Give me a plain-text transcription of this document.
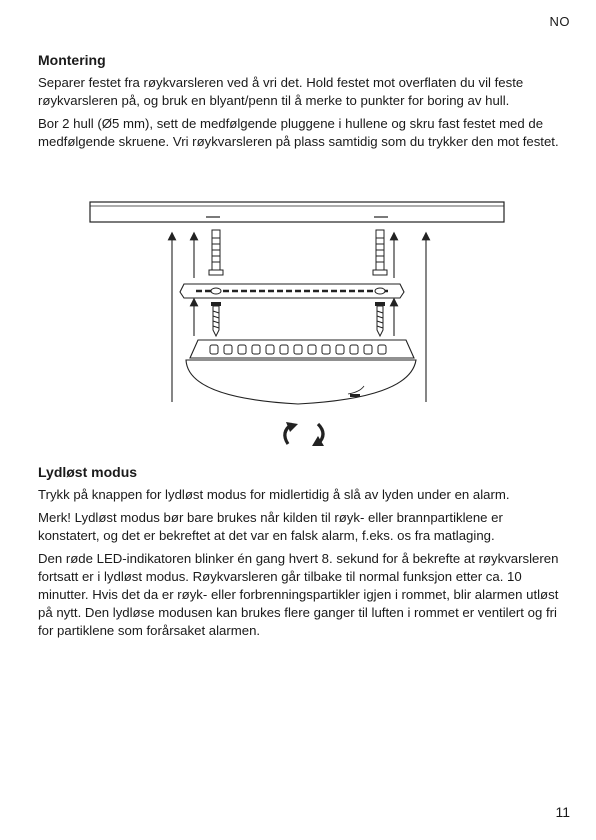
NO
Montering

Separer festet fra røykvarsleren ved å vri det. Hold festet mot overflaten du vil feste røykvarsleren på, og bruk en blyant/penn til å merke to punkter for boring av hull.

Bor 2 hull (Ø5 mm), sett de medfølgende pluggene i hullene og skru fast festet med de medfølgende skruene. Vri røykvarsleren på plass samtidig som du trykker den mot festet.

Lydløst modus

Trykk på knappen for lydløst modus for midlertidig å slå av lyden under en alarm.

Merk! Lydløst modus bør bare brukes når kilden til røyk- eller brannpartiklene er konstatert, og det er bekreftet at det var en falsk alarm, f.eks. os fra matlaging.

Den røde LED-indikatoren blinker én gang hvert 8. sekund for å bekrefte at røykvarsleren fortsatt er i lydløst modus. Røykvarsleren går tilbake til normal funksjon etter ca. 10 minutter. Hvis det da er røyk- eller forbrenningspartikler igjen i rommet, blir alarmen utløst på nytt. Den lydløse modusen kan brukes flere ganger til luften i rommet er ventilert og fri for partiklene som forårsaket alarmen.

11
